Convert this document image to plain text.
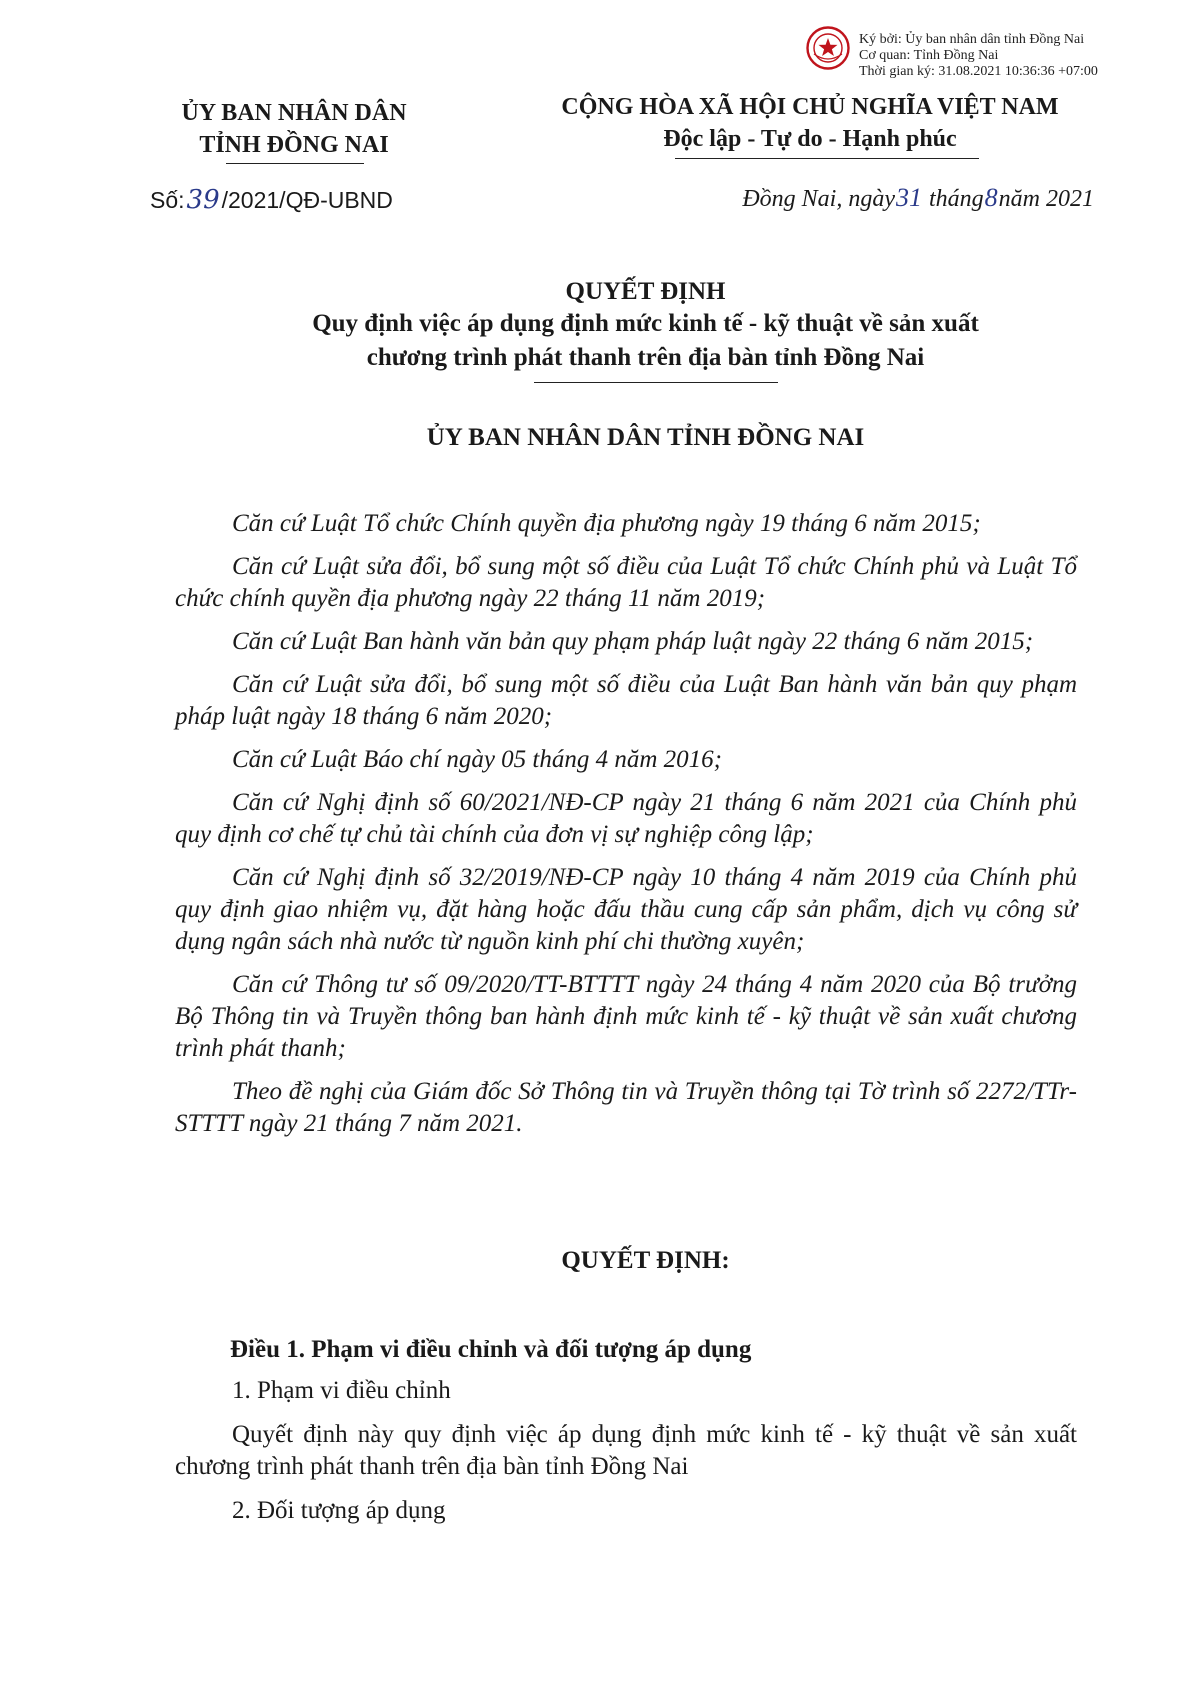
Ký bởi: Ủy ban nhân dân tỉnh Đồng Nai
Cơ quan: Tỉnh Đồng Nai
Thời gian ký: 31.08.2021 10:36:36 +07:00
ỦY BAN NHÂN DÂN
TỈNH ĐỒNG NAI
CỘNG HÒA XÃ HỘI CHỦ NGHĨA VIỆT NAM
Độc lập - Tự do - Hạnh phúc
Số:39/2021/QĐ-UBND	Đồng Nai, ngày31 tháng8năm 2021
QUYẾT ĐỊNH
Quy định việc áp dụng định mức kinh tế - kỹ thuật về sản xuất
chương trình phát thanh trên địa bàn tỉnh Đồng Nai
ỦY BAN NHÂN DÂN TỈNH ĐỒNG NAI

Căn cứ Luật Tổ chức Chính quyền địa phương ngày 19 tháng 6 năm 2015;

Căn cứ Luật sửa đổi, bổ sung một số điều của Luật Tổ chức Chính phủ và Luật Tổ chức chính quyền địa phương ngày 22 tháng 11 năm 2019;

Căn cứ Luật Ban hành văn bản quy phạm pháp luật ngày 22 tháng 6 năm 2015;

Căn cứ Luật sửa đổi, bổ sung một số điều của Luật Ban hành văn bản quy phạm pháp luật ngày 18 tháng 6 năm 2020;

Căn cứ Luật Báo chí ngày 05 tháng 4 năm 2016;

Căn cứ Nghị định số 60/2021/NĐ-CP ngày 21 tháng 6 năm 2021 của Chính phủ quy định cơ chế tự chủ tài chính của đơn vị sự nghiệp công lập;

Căn cứ Nghị định số 32/2019/NĐ-CP ngày 10 tháng 4 năm 2019 của Chính phủ quy định giao nhiệm vụ, đặt hàng hoặc đấu thầu cung cấp sản phẩm, dịch vụ công sử dụng ngân sách nhà nước từ nguồn kinh phí chi thường xuyên;

Căn cứ Thông tư số 09/2020/TT-BTTTT ngày 24 tháng 4 năm 2020 của Bộ trưởng Bộ Thông tin và Truyền thông ban hành định mức kinh tế - kỹ thuật về sản xuất chương trình phát thanh;

Theo đề nghị của Giám đốc Sở Thông tin và Truyền thông tại Tờ trình số 2272/TTr-STTTT ngày 21 tháng 7 năm 2021.

QUYẾT ĐỊNH:
Điều 1. Phạm vi điều chỉnh và đối tượng áp dụng

1. Phạm vi điều chỉnh

Quyết định này quy định việc áp dụng định mức kinh tế - kỹ thuật về sản xuất chương trình phát thanh trên địa bàn tỉnh Đồng Nai

2. Đối tượng áp dụng
